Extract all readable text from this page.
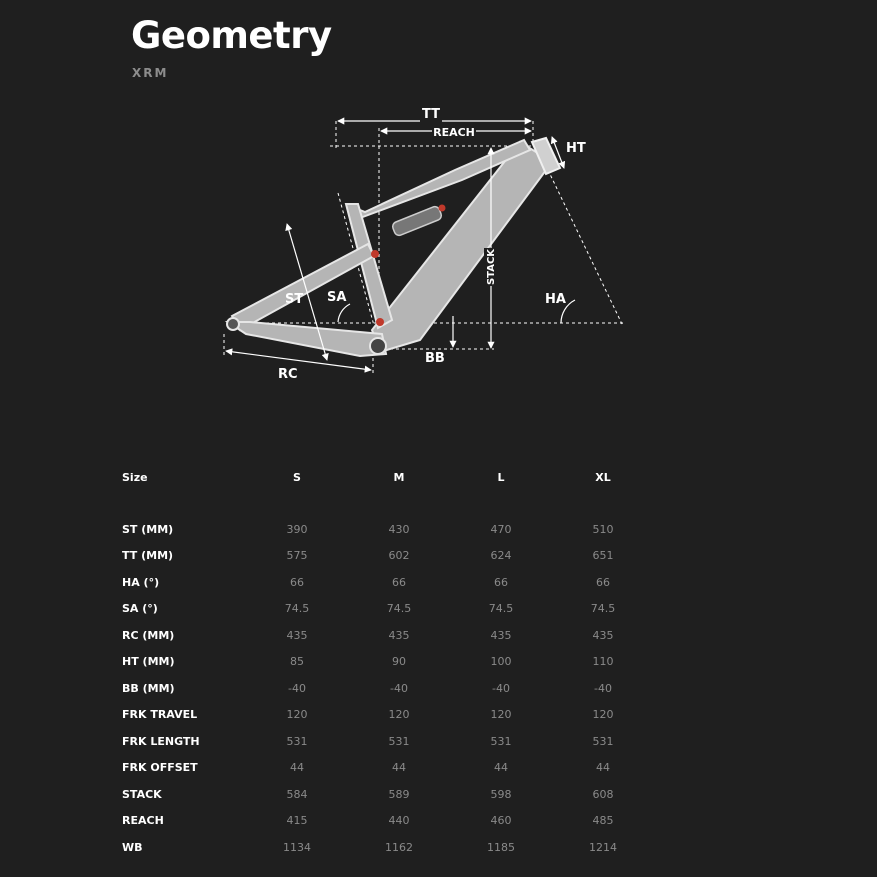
Geometry
XRM
TT
REACH
HT
STACK
ST SA	HA
RC
BB
Size	S	M	L	XL

ST (MM)	390	430	470	510
TT (MM)	575	602	624	651
HA (°)	66	66	66	66
SA (°)	74.5	74.5	74.5	74.5
RC (MM)	435	435	435	435
HT (MM)	85	90	100	110
BB (MM)	-40	-40	-40	-40
FRK TRAVEL	120	120	120	120
FRK LENGTH	531	531	531	531
FRK OFFSET	44	44	44	44
STACK	584	589	598	608
REACH	415	440	460	485
WB	1134	1162	1185	1214
